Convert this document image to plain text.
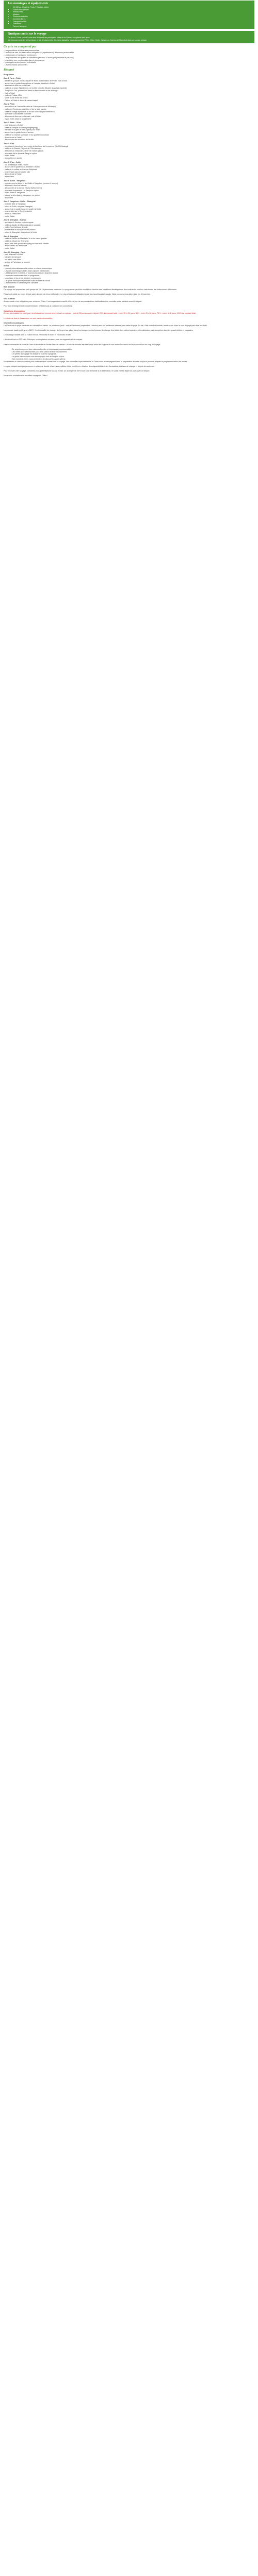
Les avantages et équipements
▪ Kit Wifi au départ de Paris (+5 autres villes)
▪ Guide francophone
▪ Restaurants
▪ Musées
▪ Plusieurs activités
▪ Journées libres
▪ Transport aérien
▪ Transferts
▪ Taxes d'aéroport
Quelques mots sur le voyage

Ce circuit 'Chine spécial' vous fera découvrir les principales villes de la Chine à un rythme lent, avec

les hébergements les mieux situés et les déplacements les mieux adaptés. Vous découvrirez Pékin, Xi'an, Guilin, Yangshuo, Suzhou et Shanghai dans ce voyage unique.

Ce prix ne comprend pas
- Les prestations et dépenses personnelles
- Les frais de visa, les assurances obligatoires (rapatriement), dépenses personnelles
- Les boissons et repas non mentionnés
- Les pourboires aux guides et chauffeurs (environ 10 euros par personne et par jour)
- Les visites non mentionnées dans le programme
- Les suppléments chambre individuelle
- Les excursions optionnelles
Résumé
Programme
Jour 1 Paris - Pékin
- départ du groupe. Vol au départ de Paris à destination de Pékin. Nuit à bord.
- accueil par le guide francophone à l'arrivée, transfert à l'hôtel
- déjeuner et dîner au restaurant
- visite de la place Tian'anmen, de la Cité interdite (Musée du palais impérial)
- Temple du Ciel, promenade dans le vieux quartier et les hutongs
- Nuit à l'hôtel
- visite du Palais d'Été
- Visite d'une ferme de perles
- Retour à l'hôtel et dîner de canard laqué
Jour 2 Pékin
- excursion à la Grande Muraille de Chine (section de Mutianyu)
- visite des Tombeaux des Ming et de la Voie sacrée
- visite du village olympique et du Nid d'oiseau (vue extérieure)
- spectacle d'acrobaties en soirée
- déjeuner et dîner au restaurant, nuit à l'hôtel
- repas libres selon le programme
Jour 3 Pékin - Xi'an
- petit déjeuner à l'hôtel
- visite du Temple du Lama (Yonghegong)
- transfert à la gare et train rapide pour Xi'an
- accueil par le guide local à l'arrivée
- visite de la Grande Mosquée et du quartier musulman
- dîner et nuit à l'hôtel
- découverte des murailles de la ville
Jour 4 Xi'an
- excursion à l'armée de terre cuite du tombeau de l'empereur Qin Shi Huangdi
- visite de la Grande Pagode de l'Oie sauvage
- déjeuner au restaurant, dîner de raviolis (jiaozi)
- spectacle de la dynastie Tang en option
- nuit à l'hôtel
- temps libre en soirée
Jour 5 Xi'an - Guilin
- vol domestique Xi'an - Guilin
- accueil par le guide local, transfert à l'hôtel
- visite de la colline en trompe d'éléphant
- promenade dans le centre ville
- dîner et nuit à l'hôtel
- temps libre
Jour 6 Guilin - Yangshuo
- croisière sur la rivière Li de Guilin à Yangshuo (environ 4 heures)
- déjeuner à bord du bateau
- découverte de la rue de l'Ouest (West Street)
- spectacle Impression Liu Sanjie en option
- nuit à l'hôtel à Yangshuo
- balade à vélo dans la campagne en option
- dîner libre
Jour 7 Yangshuo - Guilin - Shanghai
- matinée libre à Yangshuo
- retour à Guilin, vol pour Shanghai
- accueil par le guide local et transfert à l'hôtel
- promenade sur le Bund en soirée
- dîner au restaurant
- nuit à l'hôtel
Jour 8 Shanghai - Suzhou
- excursion à Suzhou en train rapide
- visite du Jardin de l'Administrateur modeste
- visite d'une fabrique de soie
- promenade en barque sur les canaux
- retour à Shanghai, dîner et nuit à l'hôtel
Jour 9 Shanghai
- visite du Jardin du Mandarin Yu et du vieux quartier
- visite du Musée de Shanghai
- après-midi libre pour le shopping sur la rue de Nankin
- dîner d'adieu au restaurant
- nuit à l'hôtel
Jour 10 Shanghai - Paris
- petit déjeuner à l'hôtel
- transfert à l'aéroport
- vol retour vers Paris
- arrivée à Paris dans la journée
Inclus
- Les vols internationaux aller-retour en classe économique
- Les vols domestiques et les trains rapides mentionnés
- L'hébergement en hôtels 4* (normes locales) en chambre double
- Les repas mentionnés dans le programme
- Les visites et les droits d'entrée mentionnés
- Un guide francophone pendant toute la durée du circuit
- Les transferts en véhicule privé climatisé
Bon à savoir

Ce voyage est proposé en petit groupe de 2 à 16 personnes maximum. Le programme peut être modifié en fonction des conditions climatiques ou des contraintes locales, mais toutes les visites seront effectuées.

Passeport valide au moins 6 mois après la date de retour obligatoire. Le visa chinois est obligatoire pour les ressortissants français. Nous pouvons vous aider dans les démarches.

Visa et santé

Aucun vaccin n'est obligatoire pour entrer en Chine. Il est cependant conseillé d'être à jour de ses vaccinations habituelles et de consulter votre médecin avant le départ.

Pour tout renseignement complémentaire, n'hésitez pas à contacter nos conseillers.

Conditions d'annulation

En cas d'annulation de votre part, des frais seront retenus selon le barème suivant : plus de 30 jours avant le départ, 25% du montant total ; entre 30 et 21 jours, 50% ; entre 20 et 8 jours, 75% ; moins de 8 jours, 100% du montant total.

Les frais de visa et d'assurance ne sont pas remboursables.

Informations pratiques

La Chine est un pays immense aux climats très variés. Le printemps (avril - mai) et l'automne (septembre - octobre) sont les meilleures saisons pour visiter le pays. En été, il fait chaud et humide, tandis qu'en hiver le nord du pays peut être très froid.

La monnaie locale est le yuan (CNY). Il est conseillé de changer de l'argent sur place dans les banques ou les bureaux de change des hôtels. Les cartes bancaires internationales sont acceptées dans les grands hôtels et magasins.

Le décalage horaire avec la France est de +7 heures en hiver et +6 heures en été.

L'électricité est en 220 volts. Prévoyez un adaptateur universel pour vos appareils électroniques.

Il est recommandé de boire de l'eau en bouteille et d'éviter l'eau du robinet. La cuisine chinoise est très variée selon les régions et vous aurez l'occasion de la découvrir tout au long du voyage.

• Ce circuit comprend des visites culturelles et historiques incontournables.
• Les hôtels sont sélectionnés pour leur confort et leur emplacement.
• Le rythme du voyage est adapté à tous les voyageurs.
• Le guide francophone vous accompagne tout au long du séjour.
• Des moments libres vous permettent de découvrir à votre rythme.

Nous restons à votre disposition pour toute question concernant ce voyage. Nos conseillers spécialistes de la Chine vous accompagnent dans la préparation de votre séjour et peuvent adapter le programme selon vos envies.

Les prix indiqués sont par personne en chambre double et sont susceptibles d'être modifiés en fonction des disponibilités et des fluctuations des taux de change et du prix du carburant.

Pour réserver votre voyage, contactez-nous par téléphone ou par e-mail. Un acompte de 30% vous sera demandé à la réservation, le solde étant à régler 30 jours avant le départ.

Nous vous souhaitons un excellent voyage en Chine !
